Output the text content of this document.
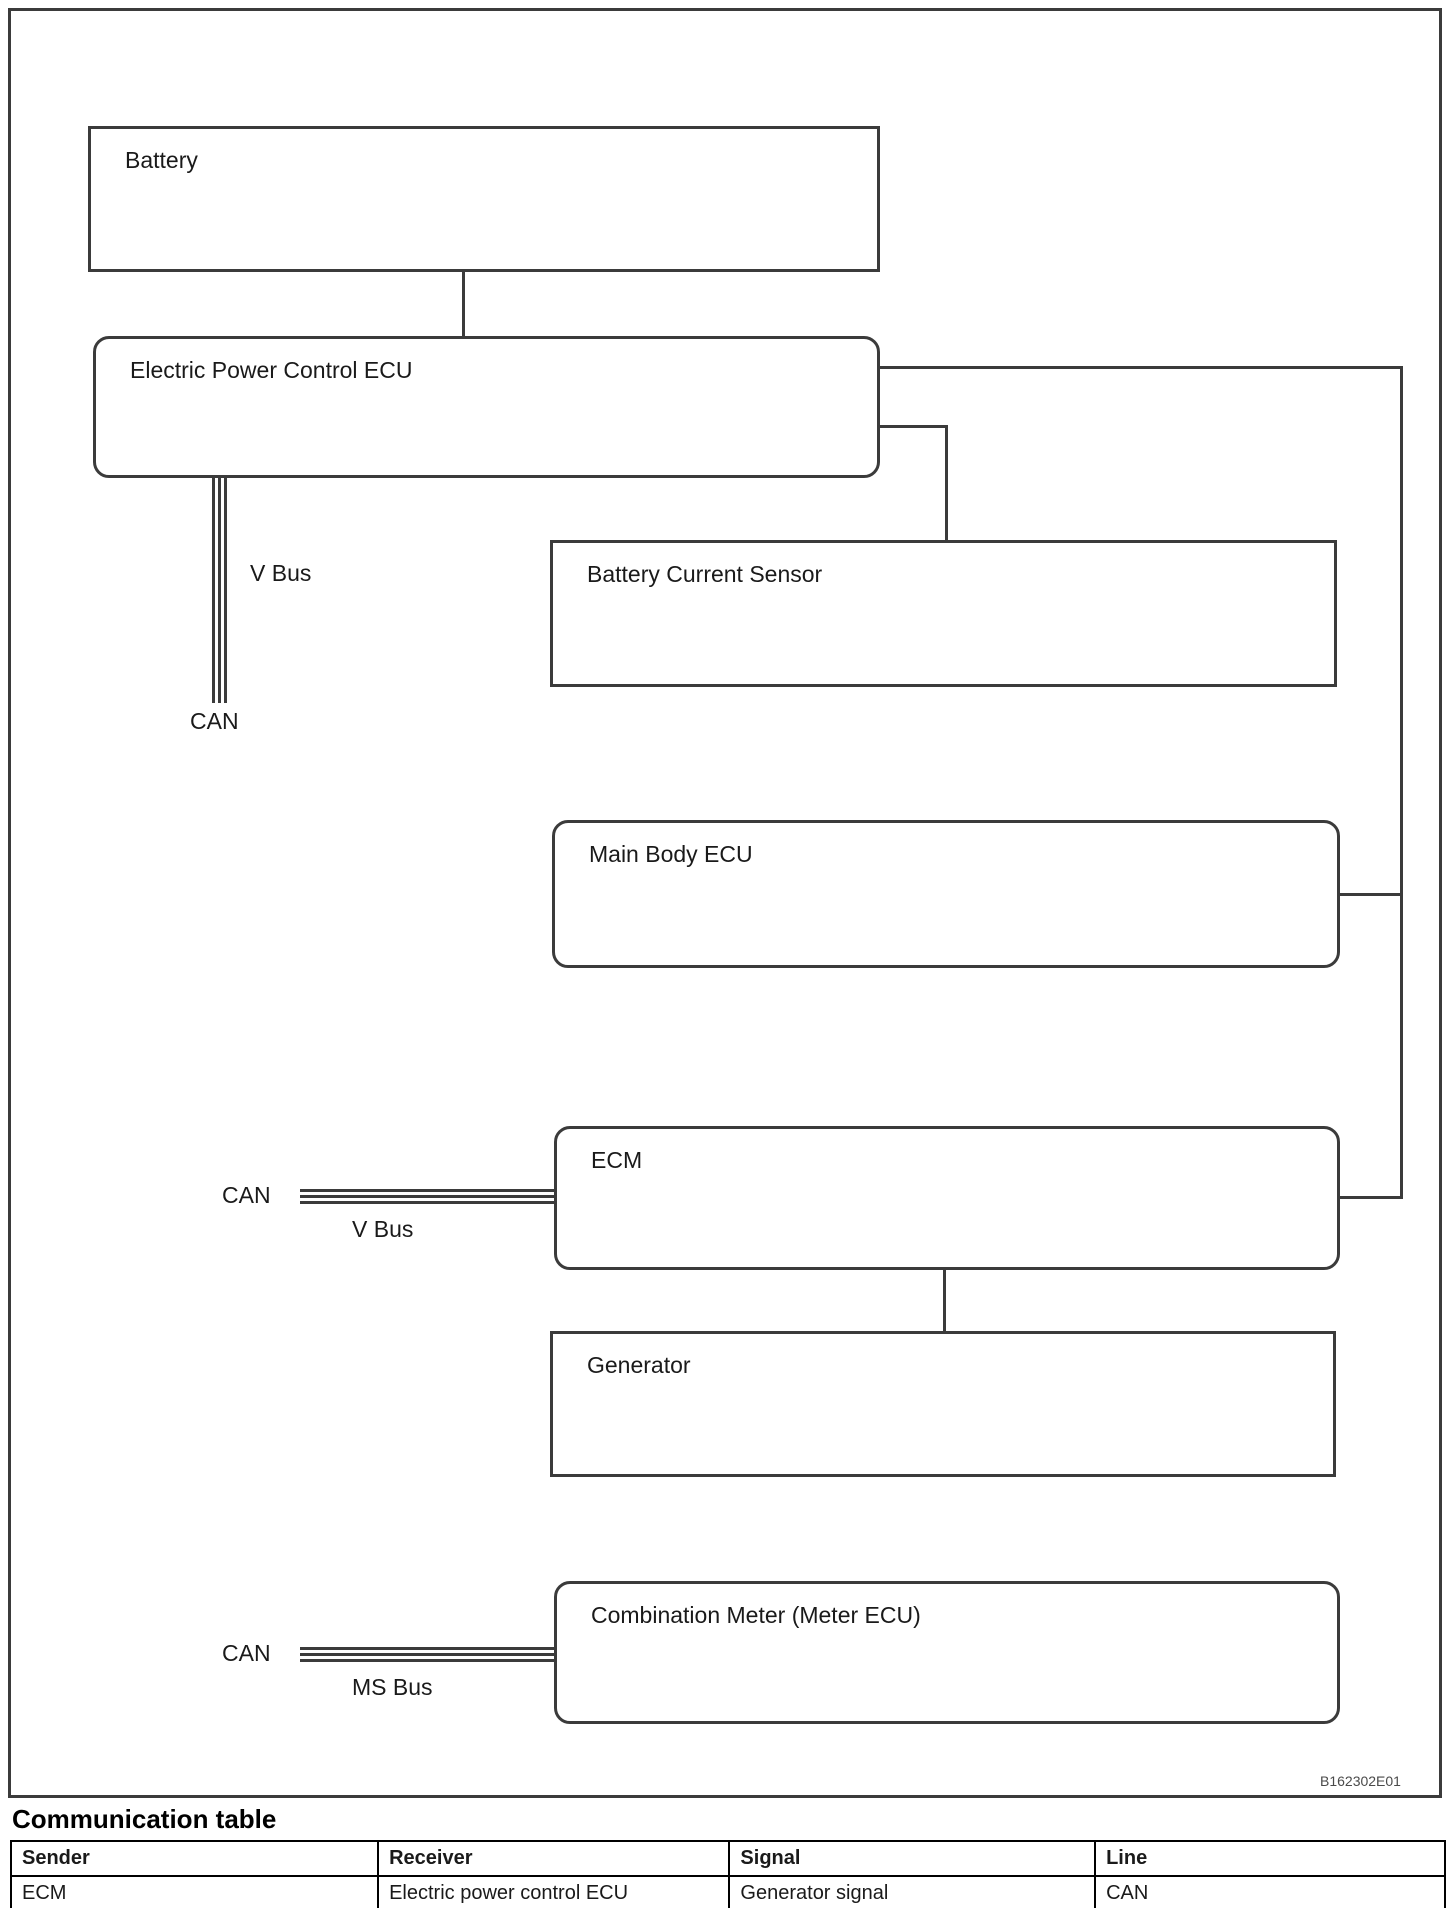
Battery
Electric Power Control ECU
Battery Current Sensor
Main Body ECU
ECM
Generator
Combination Meter (Meter ECU)
V Bus
CAN
CAN
V Bus
CAN
MS Bus
B162302E01
Communication table
Sender	Receiver	Signal	Line
ECM	Electric power control ECU	Generator signal	CAN
